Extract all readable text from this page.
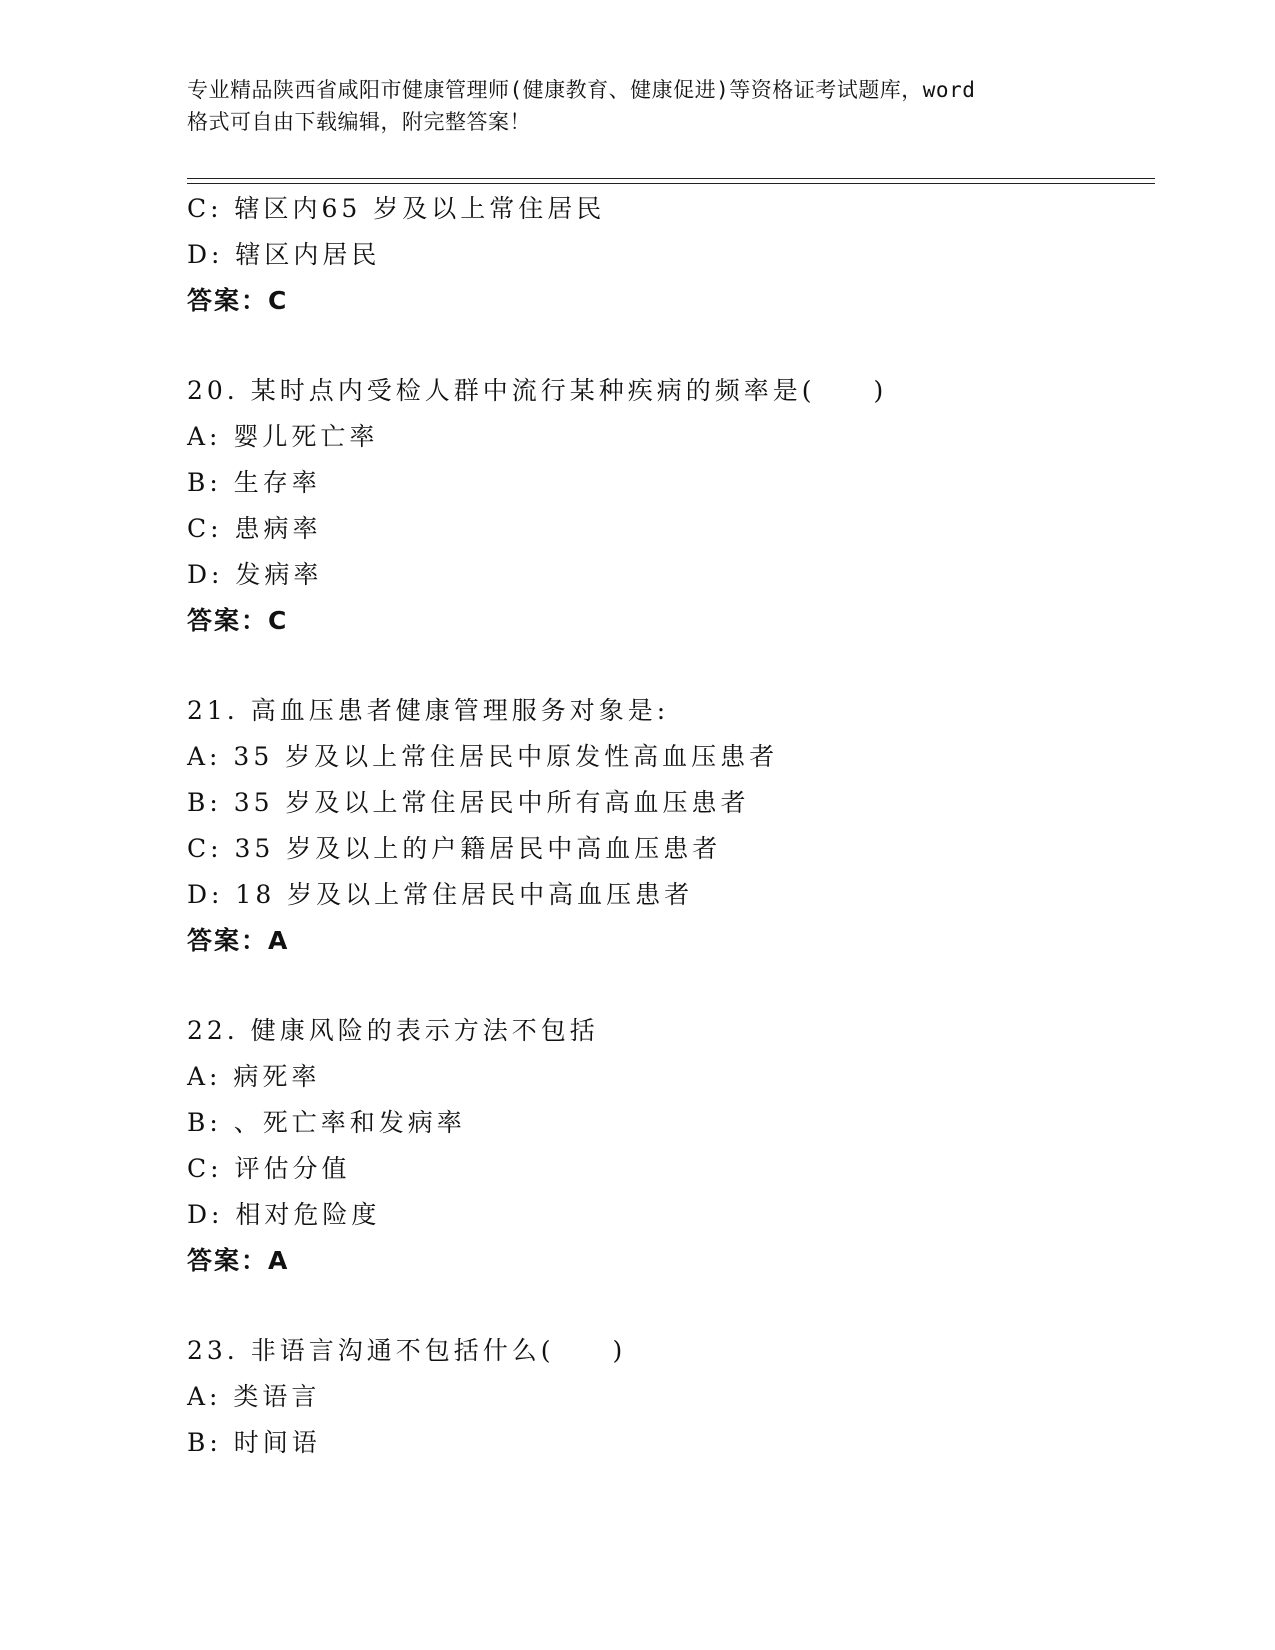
专业精品陕西省咸阳市健康管理师(健康教育、健康促进)等资格证考试题库，word
格式可自由下载编辑，附完整答案！
C: 辖区内65 岁及以上常住居民
D: 辖区内居民
答案：C
20. 某时点内受检人群中流行某种疾病的频率是(　　)
A: 婴儿死亡率
B: 生存率
C: 患病率
D: 发病率
答案：C
21. 高血压患者健康管理服务对象是:
A: 35 岁及以上常住居民中原发性高血压患者
B: 35 岁及以上常住居民中所有高血压患者
C: 35 岁及以上的户籍居民中高血压患者
D: 18 岁及以上常住居民中高血压患者
答案：A
22. 健康风险的表示方法不包括
A: 病死率
B: 、死亡率和发病率
C: 评估分值
D: 相对危险度
答案：A
23. 非语言沟通不包括什么(　　)
A: 类语言
B: 时间语
